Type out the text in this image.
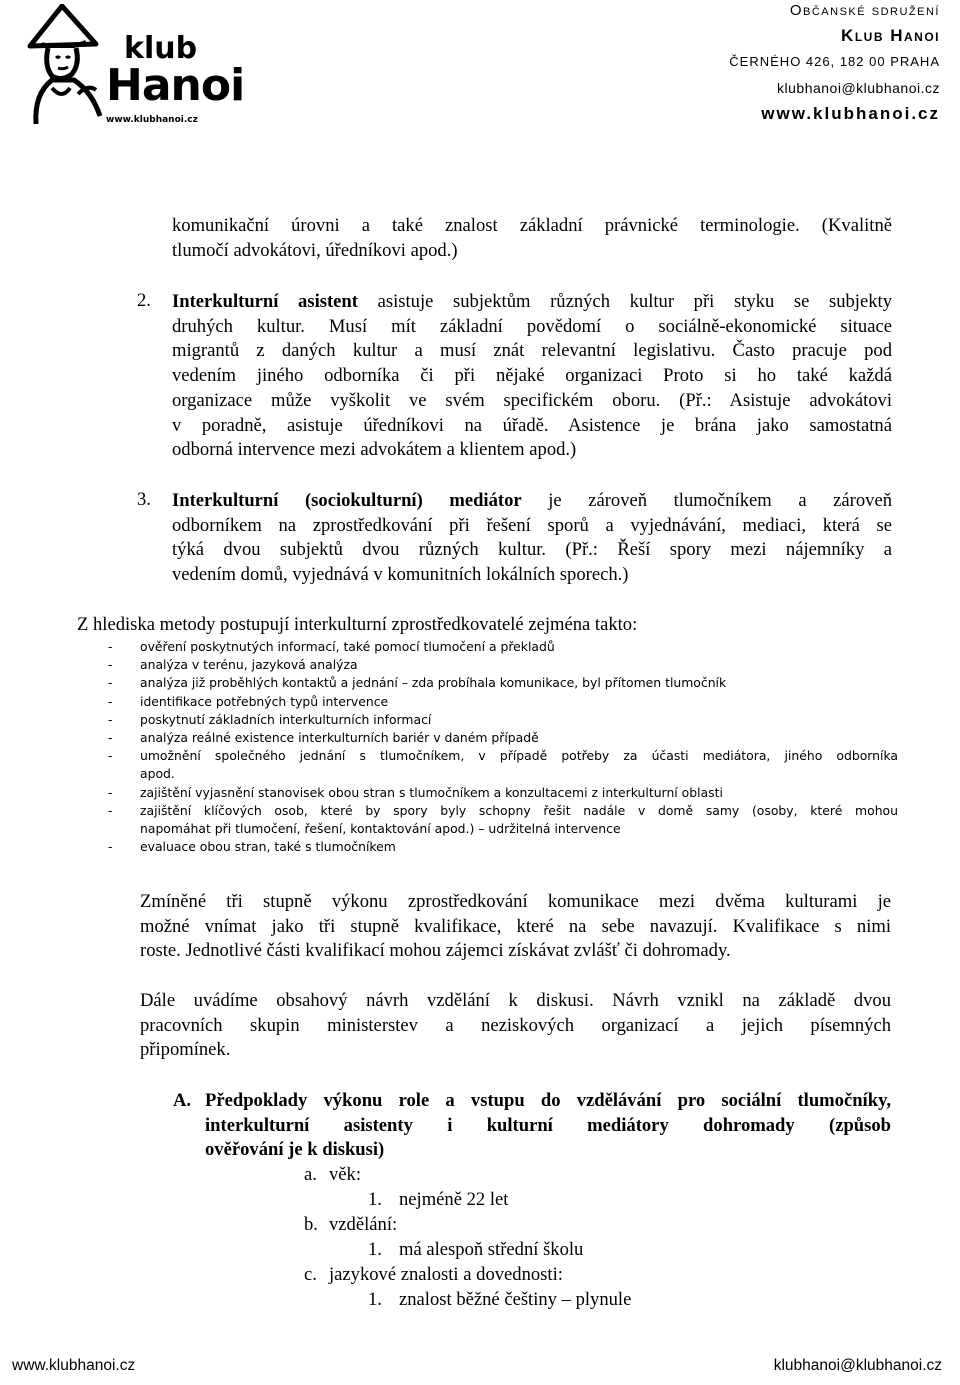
klub
Hanoi
www.klubhanoi.cz
Občanské sdružení
Klub Hanoi
ČERNÉHO 426, 182 00 PRAHA
klubhanoi@klubhanoi.cz
www.klubhanoi.cz
komunikační úrovni a také znalost základní právnické terminologie. (Kvalitně
tlumočí advokátovi, úředníkovi apod.)
2. Interkulturní asistent asistuje subjektům různých kultur při styku se subjekty
druhých kultur. Musí mít základní povědomí o sociálně-ekonomické situace
migrantů z daných kultur a musí znát relevantní legislativu. Často pracuje pod
vedením jiného odborníka či při nějaké organizaci Proto si ho také každá
organizace může vyškolit ve svém specifickém oboru. (Př.: Asistuje advokátovi
v poradně, asistuje úředníkovi na úřadě. Asistence je brána jako samostatná
odborná intervence mezi advokátem a klientem apod.)
3. Interkulturní (sociokulturní) mediátor je zároveň tlumočníkem a zároveň
odborníkem na zprostředkování při řešení sporů a vyjednávání, mediaci, která se
týká dvou subjektů dvou různých kultur. (Př.: Řeší spory mezi nájemníky a
vedením domů, vyjednává v komunitních lokálních sporech.)
Z hlediska metody postupují interkulturní zprostředkovatelé zejména takto:
- ověření poskytnutých informací, také pomocí tlumočení a překladů
- analýza v terénu, jazyková analýza
- analýza již proběhlých kontaktů a jednání – zda probíhala komunikace, byl přítomen tlumočník
- identifikace potřebných typů intervence
- poskytnutí základních interkulturních informací
- analýza reálné existence interkulturních bariér v daném případě
- umožnění společného jednání s tlumočníkem, v případě potřeby za účasti mediátora, jiného odborníka
apod.
- zajištění vyjasnění stanovisek obou stran s tlumočníkem a konzultacemi z interkulturní oblasti
- zajištění klíčových osob, které by spory byly schopny řešit nadále v domě samy (osoby, které mohou
napomáhat při tlumočení, řešení, kontaktování apod.) – udržitelná intervence
- evaluace obou stran, také s tlumočníkem
Zmíněné tři stupně výkonu zprostředkování komunikace mezi dvěma kulturami je
možné vnímat jako tři stupně kvalifikace, které na sebe navazují. Kvalifikace s nimi
roste. Jednotlivé části kvalifikací mohou zájemci získávat zvlášť či dohromady.
Dále uvádíme obsahový návrh vzdělání k diskusi. Návrh vznikl na základě dvou
pracovních skupin ministerstev a neziskových organizací a jejich písemných
připomínek.
A. Předpoklady výkonu role a vstupu do vzdělávání pro sociální tlumočníky,
interkulturní asistenty i kulturní mediátory dohromady (způsob
ověřování je k diskusi)
a. věk:
1. nejméně 22 let
b. vzdělání:
1. má alespoň střední školu
c. jazykové znalosti a dovednosti:
1. znalost běžné češtiny – plynule
www.klubhanoi.cz	klubhanoi@klubhanoi.cz
